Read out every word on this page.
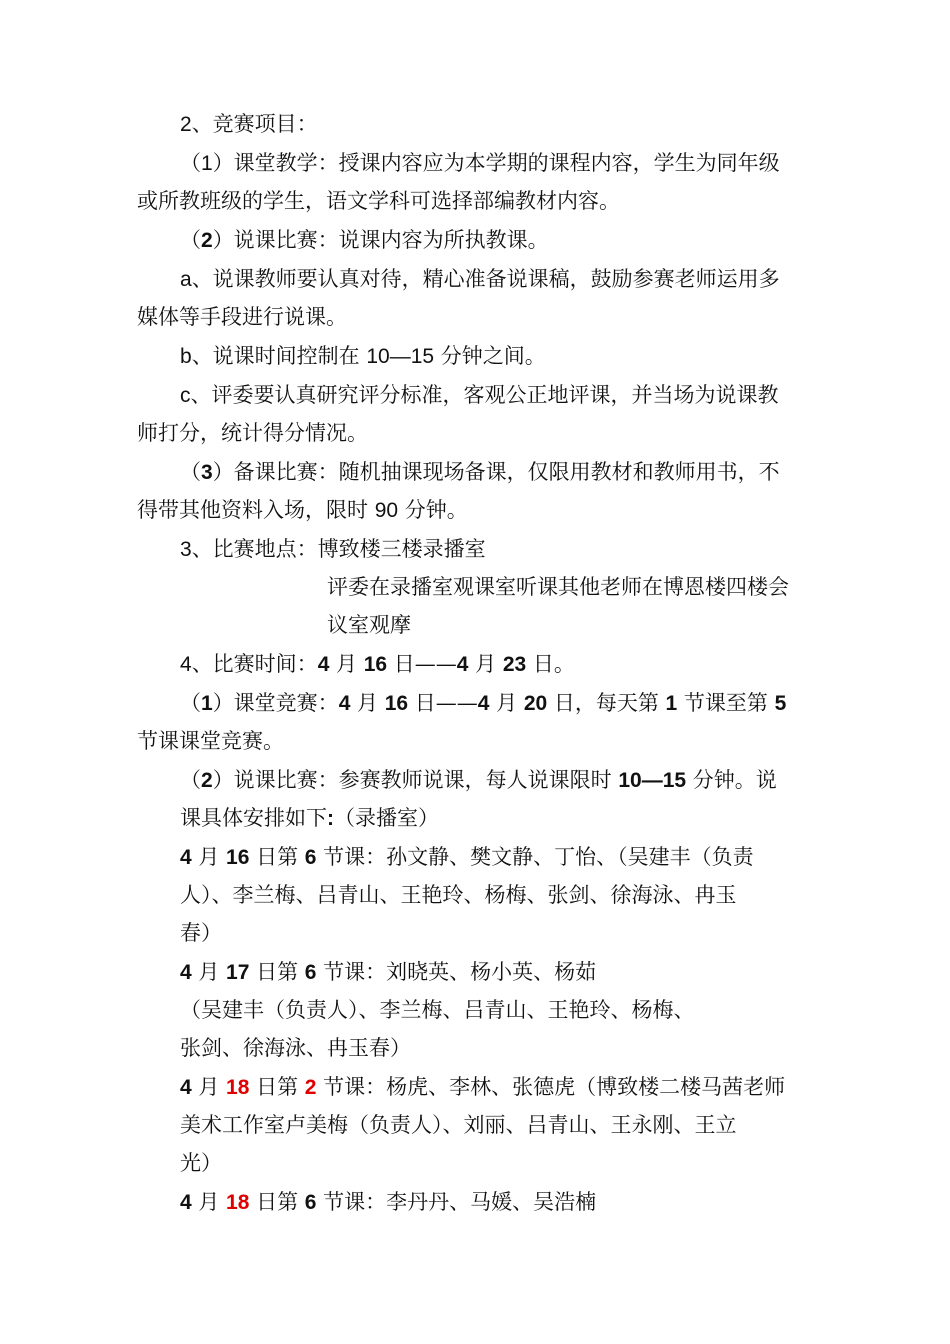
2、竞赛项目：
（1）课堂教学：授课内容应为本学期的课程内容，学生为同年级
或所教班级的学生，语文学科可选择部编教材内容。
（2）说课比赛：说课内容为所执教课。
a、说课教师要认真对待，精心准备说课稿，鼓励参赛老师运用多
媒体等手段进行说课。
b、说课时间控制在 10—15 分钟之间。
c、评委要认真研究评分标准，客观公正地评课，并当场为说课教
师打分，统计得分情况。
（3）备课比赛：随机抽课现场备课，仅限用教材和教师用书，不
得带其他资料入场，限时 90 分钟。
3、比赛地点：博致楼三楼录播室
评委在录播室观课室听课其他老师在博恩楼四楼会
议室观摩
4、比赛时间：4 月 16 日——4 月 23 日。
（1）课堂竞赛：4 月 16 日——4 月 20 日，每天第 1 节课至第 5
节课课堂竞赛。
（2）说课比赛：参赛教师说课，每人说课限时 10—15 分钟。说
课具体安排如下:（录播室）
4 月 16 日第 6 节课：孙文静、樊文静、丁怡、（吴建丰（负责
人）、李兰梅、吕青山、王艳玲、杨梅、张剑、徐海泳、冉玉
春）
4 月 17 日第 6 节课：刘晓英、杨小英、杨茹
（吴建丰（负责人）、李兰梅、吕青山、王艳玲、杨梅、
张剑、徐海泳、冉玉春）
4 月 18 日第 2 节课：杨虎、李林、张德虎（博致楼二楼马茜老师
美术工作室卢美梅（负责人）、刘丽、吕青山、王永刚、王立
光）
4 月 18 日第 6 节课：李丹丹、马媛、吴浩楠
